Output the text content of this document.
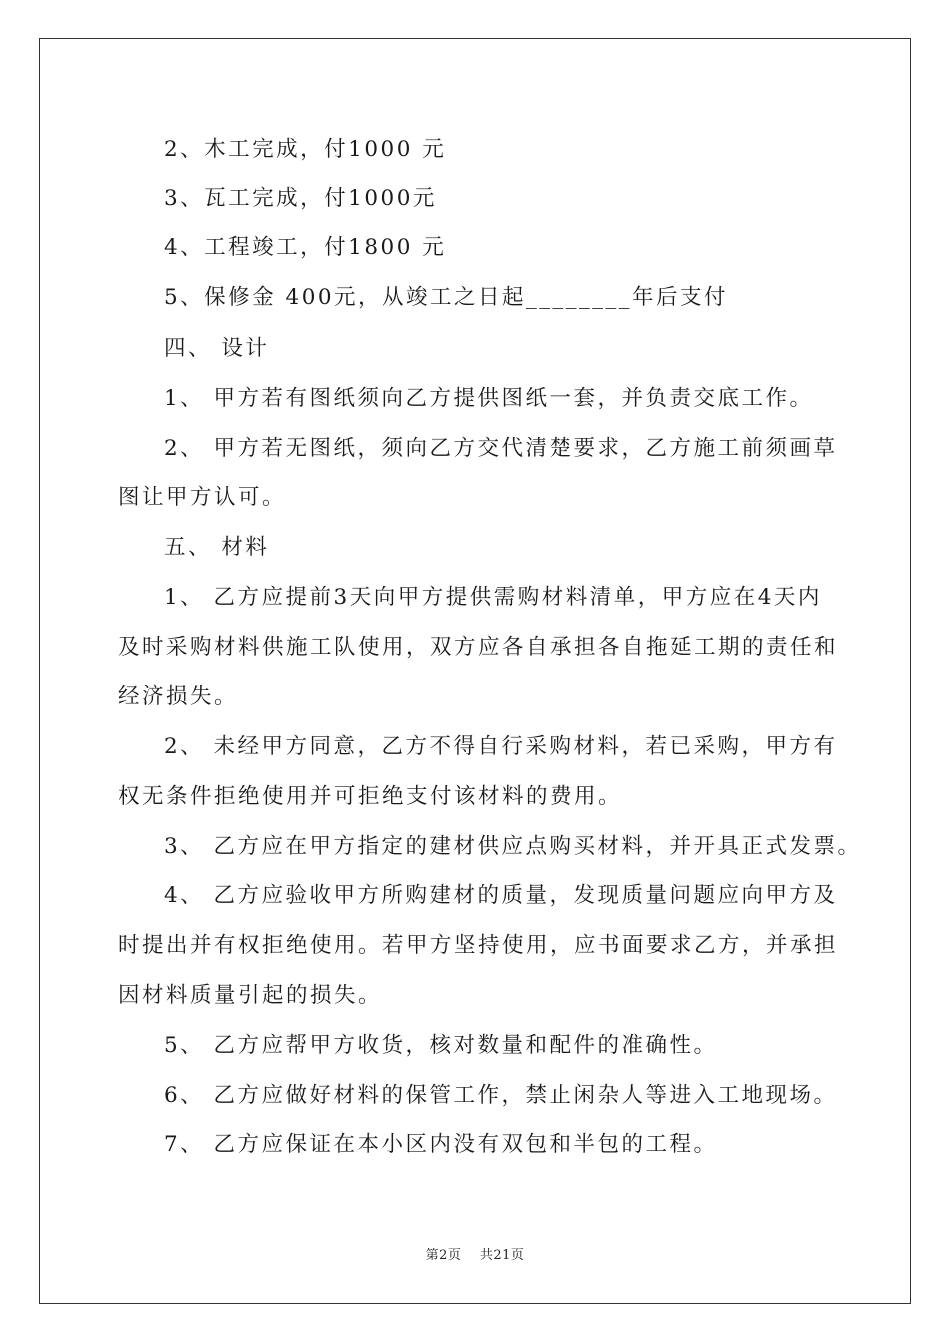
2、木工完成，付1000 元
3、瓦工完成，付1000元
4、工程竣工，付1800 元
5、保修金 400元，从竣工之日起________年后支付
四、 设计
1、 甲方若有图纸须向乙方提供图纸一套，并负责交底工作。
2、 甲方若无图纸，须向乙方交代清楚要求，乙方施工前须画草
图让甲方认可。
五、 材料
1、 乙方应提前3天向甲方提供需购材料清单，甲方应在4天内
及时采购材料供施工队使用，双方应各自承担各自拖延工期的责任和
经济损失。
2、 未经甲方同意，乙方不得自行采购材料，若已采购，甲方有
权无条件拒绝使用并可拒绝支付该材料的费用。
3、 乙方应在甲方指定的建材供应点购买材料，并开具正式发票。
4、 乙方应验收甲方所购建材的质量，发现质量问题应向甲方及
时提出并有权拒绝使用。若甲方坚持使用，应书面要求乙方，并承担
因材料质量引起的损失。
5、 乙方应帮甲方收货，核对数量和配件的准确性。
6、 乙方应做好材料的保管工作，禁止闲杂人等进入工地现场。
7、 乙方应保证在本小区内没有双包和半包的工程。
第2页    共21页
